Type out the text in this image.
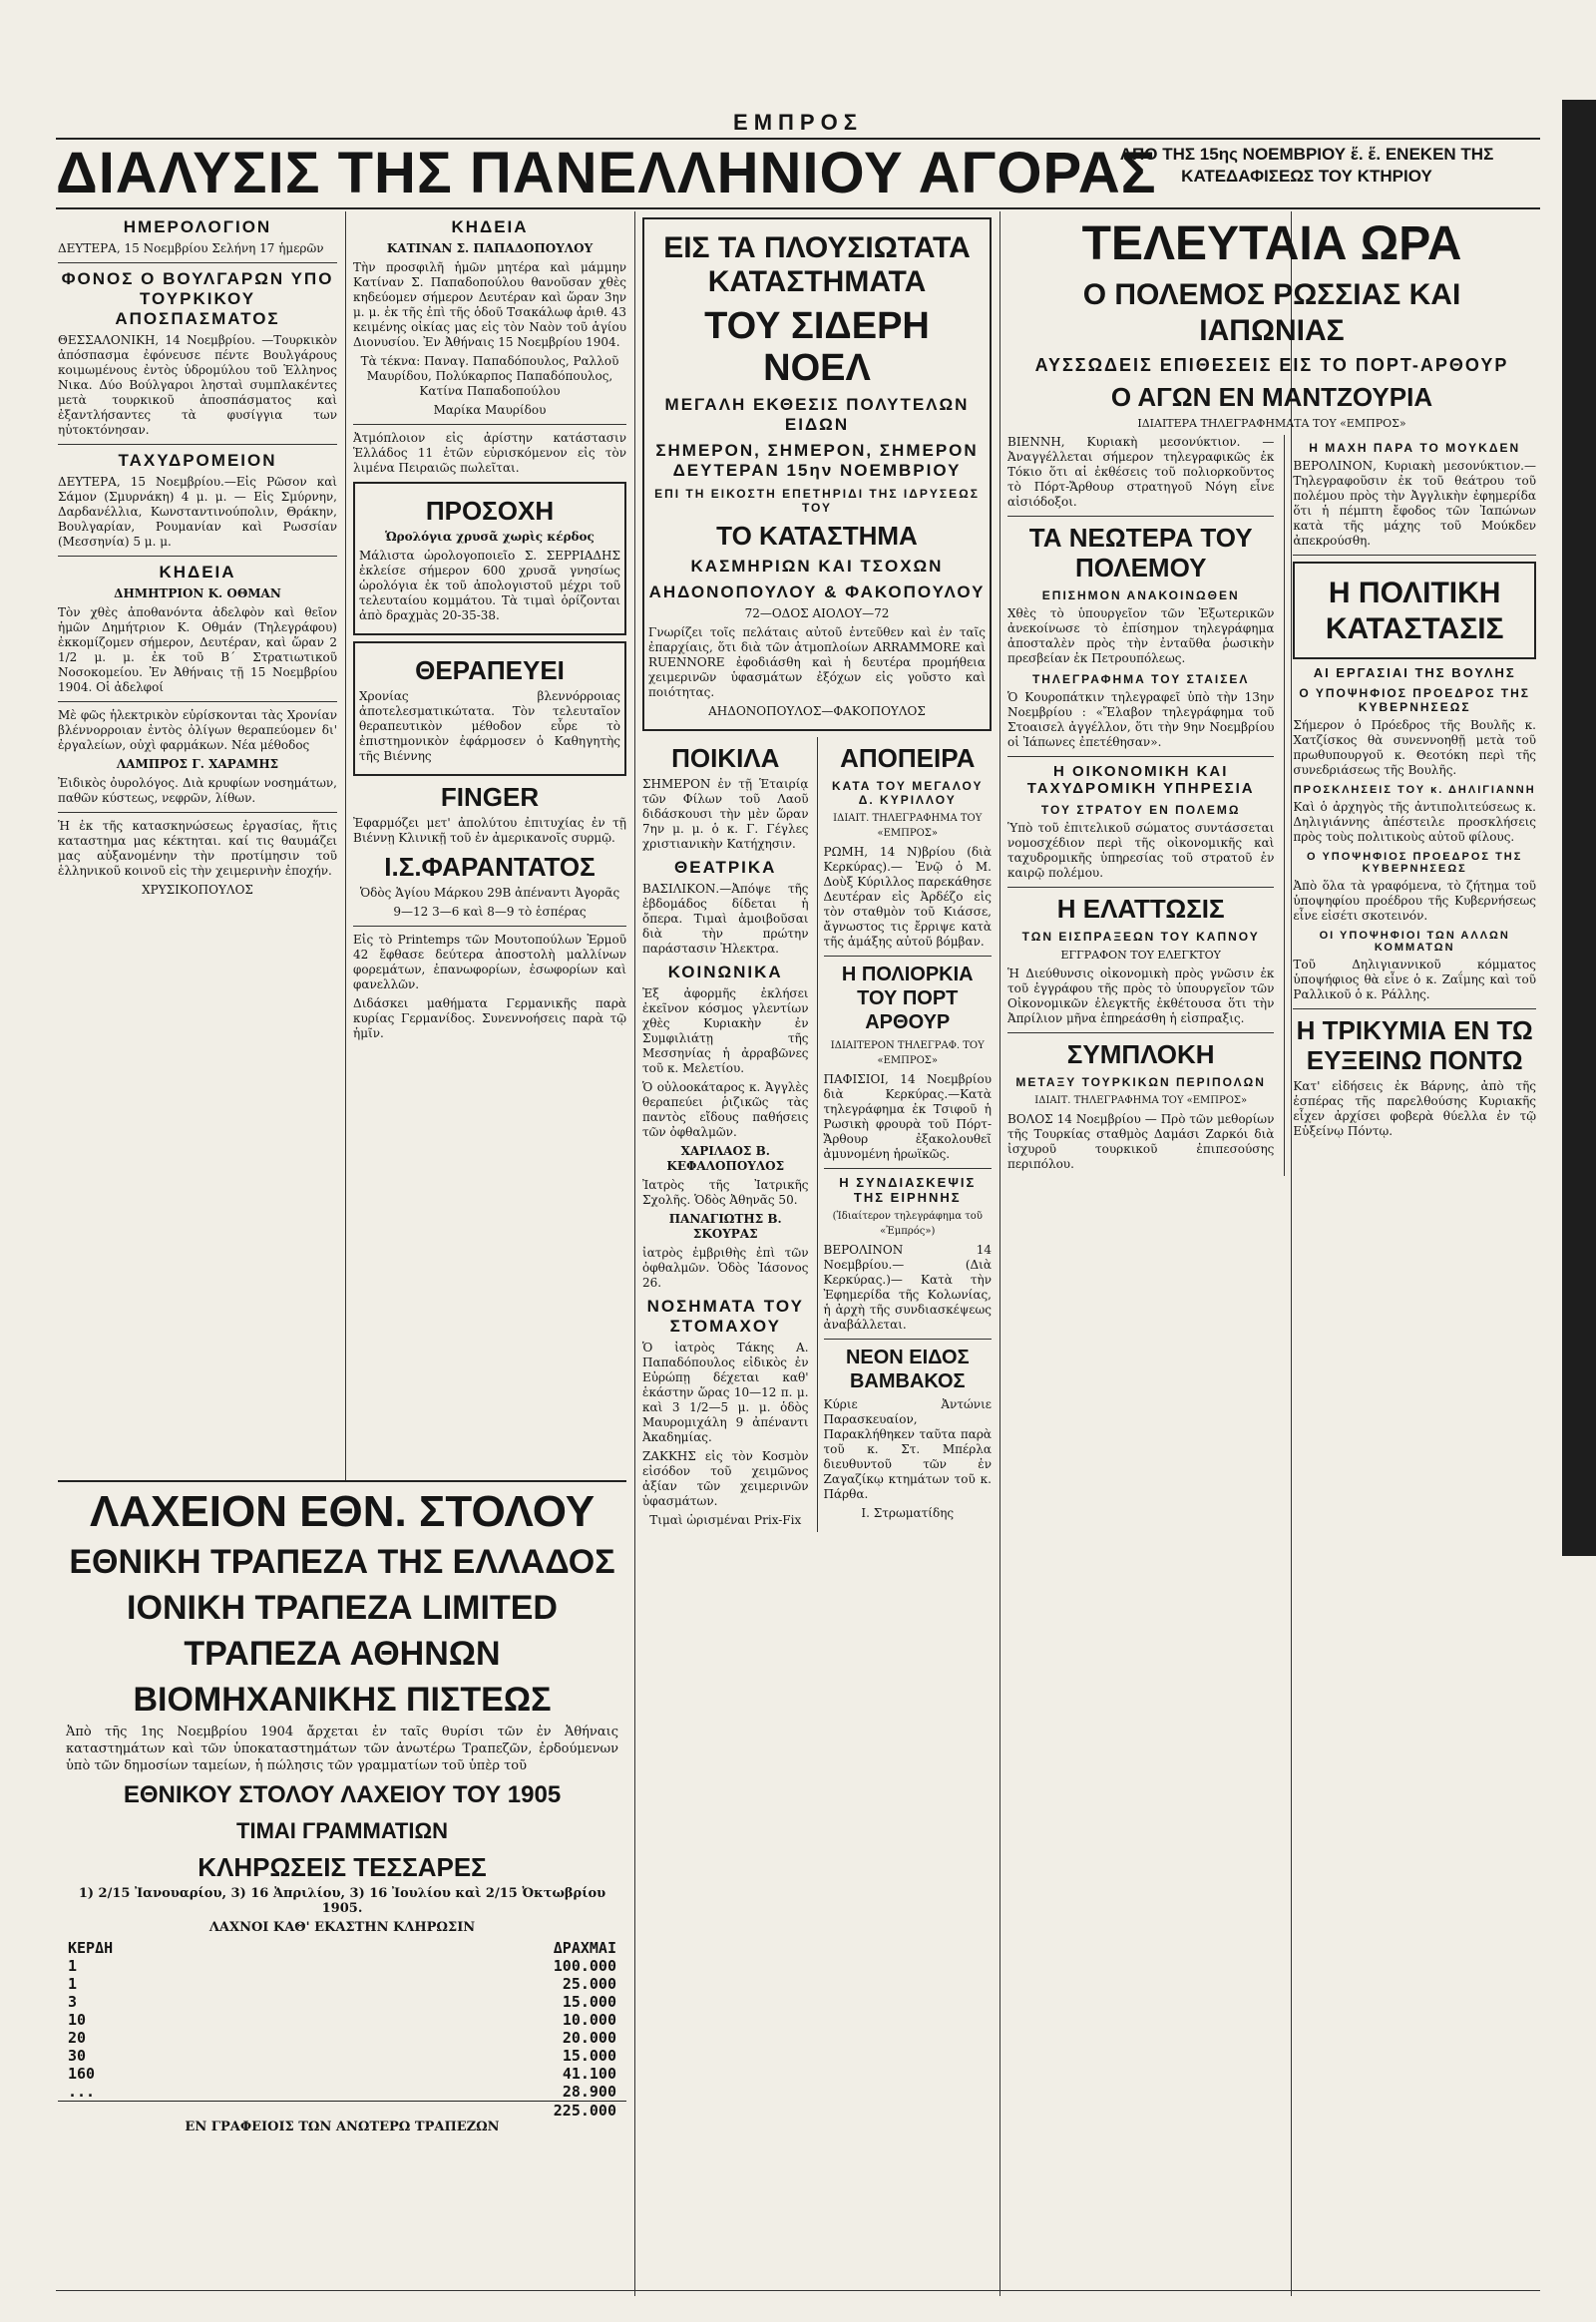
ΕΜΠΡΟΣ
ΔΙΑΛΥΣΙΣ ΤΗΣ ΠΑΝΕΛΛΗΝΙΟΥ ΑΓΟΡΑΣ
ΑΠΟ ΤΗΣ 15ης ΝΟΕΜΒΡΙΟΥ ἕ. ἕ. ΕΝΕΚΕΝ ΤΗΣ ΚΑΤΕΔΑΦΙΣΕΩΣ ΤΟΥ ΚΤΗΡΙΟΥ
ΗΜΕΡΟΛΟΓΙΟΝ

ΔΕΥΤΕΡΑ, 15 Νοεμβρίου Σελήνη 17 ἡμερῶν

ΦΟΝΟΣ Ο ΒΟΥΛΓΑΡΩΝ ΥΠΟ ΤΟΥΡΚΙΚΟΥ ΑΠΟΣΠΑΣΜΑΤΟΣ

ΘΕΣΣΑΛΟΝΙΚΗ, 14 Νοεμβρίου. —Τουρκικὸν ἀπόσπασμα ἐφόνευσε πέντε Βουλγάρους κοιμωμένους ἐντὸς ὑδρομύλου τοῦ Ἑλληνος Νικα. Δύο Βούλγαροι λησταὶ συμπλακέντες μετὰ τουρκικοῦ ἀποσπάσματος καὶ ἐξαντλήσαντες τὰ φυσίγγια των ηὐτοκτόνησαν.

ΤΑΧΥΔΡΟΜΕΙΟΝ

ΔΕΥΤΕΡΑ, 15 Νοεμβρίου.—Εἰς Ρῶσον καὶ Σάμον (Σμυρνάκη) 4 μ. μ. — Εἰς Σμύρνην, Δαρδανέλλια, Κωνσταντινούπολιν, Θράκην, Βουλγαρίαν, Ρουμανίαν καὶ Ρωσσίαν (Μεσσηνία) 5 μ. μ.

ΚΗΔΕΙΑ

ΔΗΜΗΤΡΙΟΝ Κ. ΟΘΜΑΝ

Τὸν χθὲς ἀποθανόντα ἀδελφὸν καὶ θεῖον ἡμῶν Δημήτριον Κ. Οθμάν (Τηλεγράφου) ἐκκομίζομεν σήμερον, Δευτέραν, καὶ ὥραν 2 1/2 μ. μ. ἐκ τοῦ Β΄ Στρατιωτικοῦ Νοσοκομείου. Ἐν Ἀθήναις τῇ 15 Νοεμβρίου 1904. Οἱ ἀδελφοί

Μὲ φῶς ἡλεκτρικὸν εὑρίσκονται τὰς Χρονίαν βλέννορροιαν ἐντὸς ὀλίγων θεραπεύομεν δι' ἐργαλείων, οὐχὶ φαρμάκων. Νέα μέθοδος

ΛΑΜΠΡΟΣ Γ. ΧΑΡΑΜΗΣ

Ἐιδικὸς ὀυρολόγος. Διὰ κρυφίων νοσημάτων, παθῶν κύστεως, νεφρῶν, λίθων.

Ἡ ἐκ τῆς κατασκηνώσεως ἐργασίας, ἥτις καταστημα μας κέκτηται. καί τις θαυμάζει μας αὐξανομένην τὴν προτίμησιν τοῦ ἑλληνικοῦ κοινοῦ εἰς τὴν χειμερινὴν ἐποχήν.

ΧΡΥΣΙΚΟΠΟΥΛΟΣ

ΚΗΔΕΙΑ

ΚΑΤΙΝΑΝ Σ. ΠΑΠΑΔΟΠΟΥΛΟΥ

Τὴν προσφιλῆ ἡμῶν μητέρα καὶ μάμμην Κατίναν Σ. Παπαδοπούλου θανοῦσαν χθὲς κηδεύομεν σήμερον Δευτέραν καὶ ὥραν 3ην μ. μ. ἐκ τῆς ἐπὶ τῆς ὁδοῦ Τσακάλωφ ἀριθ. 43 κειμένης οἰκίας μας εἰς τὸν Ναὸν τοῦ ἁγίου Διονυσίου. Ἐν Ἀθήναις 15 Νοεμβρίου 1904.

Τὰ τέκνα: Παναγ. Παπαδόπουλος, Ραλλοῦ Μαυρίδου, Πολύκαρπος Παπαδόπουλος, Κατίνα Παπαδοπούλου

Μαρίκα Μαυρίδου

Ἀτμόπλοιον εἰς ἀρίστην κατάστασιν Ἑλλάδος 11 ἐτῶν εὑρισκόμενον εἰς τὸν λιμένα Πειραιῶς πωλεῖται.

ΠΡΟΣΟΧΗ

Ὡρολόγια χρυσᾶ χωρὶς κέρδος

Μάλιστα ὡρολογοποιεῖο Σ. ΣΕΡΡΙΑΔΗΣ ἐκλείσε σήμερον 600 χρυσᾶ γνησίως ὡρολόγια ἐκ τοῦ ἀπολογιστοῦ μέχρι τοῦ τελευταίου κομμάτου. Τὰ τιμαὶ ὁρίζονται ἀπὸ δραχμὰς 20-35-38.

ΘΕΡΑΠΕΥΕΙ

Χρονίας βλεννόρροιας ἀποτελεσματικώτατα. Τὸν τελευταῖον θεραπευτικὸν μέθοδον εὗρε τὸ ἐπιστημονικὸν ἐφάρμοσεν ὁ Καθηγητὴς τῆς Βιέννης

FINGER

Ἐφαρμόζει μετ' ἀπολύτου ἐπιτυχίας ἐν τῇ Βιέννῃ Κλινικῇ τοῦ ἐν ἀμερικανοῖς συρμῷ.

Ι.Σ.ΦΑΡΑΝΤΑΤΟΣ

Ὁδὸς Ἁγίου Μάρκου 29Β ἀπέναντι Ἀγορᾶς

9—12 3—6 καὶ 8—9 τὸ ἑσπέρας

Εἰς τὸ Printemps τῶν Μουτοπούλων Ἑρμοῦ 42 ἔφθασε δεύτερα ἀποστολὴ μαλλίνων φορεμάτων, ἐπανωφορίων, ἐσωφορίων καὶ φανελλῶν.

Διδάσκει μαθήματα Γερμανικῆς παρὰ κυρίας Γερμανίδος. Συνεννοήσεις παρὰ τῷ ἡμῖν.

ΛΑΧΕΙΟΝ ΕΘΝ. ΣΤΟΛΟΥ
ΕΘΝΙΚΗ ΤΡΑΠΕΖΑ ΤΗΣ ΕΛΛΑΔΟΣ
ΙΟΝΙΚΗ ΤΡΑΠΕΖΑ LIMITED
ΤΡΑΠΕΖΑ ΑΘΗΝΩΝ
ΒΙΟΜΗΧΑΝΙΚΗΣ ΠΙΣΤΕΩΣ

Ἀπὸ τῆς 1ης Νοεμβρίου 1904 ἄρχεται ἐν ταῖς θυρίσι τῶν ἐν Ἀθήναις καταστημάτων καὶ τῶν ὑποκαταστημάτων τῶν ἀνωτέρω Τραπεζῶν, ἐρδούμενων ὑπὸ τῶν δημοσίων ταμείων, ἡ πώλησις τῶν γραμματίων τοῦ ὑπὲρ τοῦ

ΕΘΝΙΚΟΥ ΣΤΟΛΟΥ ΛΑΧΕΙΟΥ ΤΟΥ 1905
ΤΙΜΑΙ ΓΡΑΜΜΑΤΙΩΝ
ΚΛΗΡΩΣΕΙΣ ΤΕΣΣΑΡΕΣ

1) 2/15 Ἰανουαρίου, 3) 16 Ἀπριλίου, 3) 16 Ἰουλίου καὶ 2/15 Ὀκτωβρίου 1905.

ΛΑΧΝΟΙ ΚΑΘ' ΕΚΑΣΤΗΝ ΚΛΗΡΩΣΙΝ

ΚΕΡΔΗ	ΔΡΑΧΜΑΙ
1	100.000
1	25.000
3	15.000
10	10.000
20	20.000
30	15.000
160	41.100
...	28.900
225.000

ΕΝ ΓΡΑΦΕΙΟΙΣ ΤΩΝ ΑΝΩΤΕΡΩ ΤΡΑΠΕΖΩΝ

ΕΙΣ ΤΑ ΠΛΟΥΣΙΩΤΑΤΑ ΚΑΤΑΣΤΗΜΑΤΑ
ΤΟΥ ΣΙΔΕΡΗ ΝΟΕΛ
ΜΕΓΑΛΗ ΕΚΘΕΣΙΣ ΠΟΛΥΤΕΛΩΝ ΕΙΔΩΝ
ΣΗΜΕΡΟΝ, ΣΗΜΕΡΟΝ, ΣΗΜΕΡΟΝ ΔΕΥΤΕΡΑΝ 15ην ΝΟΕΜΒΡΙΟΥ
ΕΠΙ ΤΗ ΕΙΚΟΣΤΗ ΕΠΕΤΗΡΙΔΙ ΤΗΣ ΙΔΡΥΣΕΩΣ ΤΟΥ
ΤΟ ΚΑΤΑΣΤΗΜΑ
ΚΑΣΜΗΡΙΩΝ ΚΑΙ ΤΣΟΧΩΝ
ΑΗΔΟΝΟΠΟΥΛΟΥ & ΦΑΚΟΠΟΥΛΟΥ

72—ΟΔΟΣ ΑΙΟΛΟΥ—72

Γνωρίζει τοῖς πελάταις αὐτοῦ ἐντεῦθεν καὶ ἐν ταῖς ἐπαρχίαις, ὅτι διὰ τῶν ἀτμοπλοίων ARRAMMORE καὶ RUENNORE ἐφοδιάσθη καὶ ἡ δευτέρα προμήθεια χειμερινῶν ὑφασμάτων ἐξόχων εἰς γοῦστο καὶ ποιότητας.

ΑΗΔΟΝΟΠΟΥΛΟΣ—ΦΑΚΟΠΟΥΛΟΣ

ΠΟΙΚΙΛΑ

ΣΗΜΕΡΟΝ ἐν τῇ Ἑταιρίᾳ τῶν Φίλων τοῦ Λαοῦ διδάσκουσι τὴν μὲν ὥραν 7ην μ. μ. ὁ κ. Γ. Γέγλες χριστιανικὴν Κατήχησιν.

ΘΕΑΤΡΙΚΑ

ΒΑΣΙΛΙΚΟΝ.—Ἀπόψε τῆς ἐβδομάδος δίδεται ἡ ὄπερα. Τιμαὶ ἀμοιβοῦσαι διὰ τὴν πρώτην παράστασιν Ἠλεκτρα.

ΚΟΙΝΩΝΙΚΑ

Ἐξ ἀφορμῆς ἐκλήσει ἐκεῖνον κόσμος γλεντίων χθὲς Κυριακὴν ἐν Συμφιλιάτῃ τῆς Μεσσηνίας ἡ ἀρραβῶνες τοῦ κ. Μελετίου.

Ὁ οὐλοοκάταρος κ. Ἀγγλὲς θεραπεύει ῥιζικῶς τὰς παντὸς εἴδους παθήσεις τῶν ὀφθαλμῶν.

ΧΑΡΙΛΑΟΣ Β. ΚΕΦΑΛΟΠΟΥΛΟΣ

Ἰατρὸς τῆς Ἰατρικῆς Σχολῆς. Ὁδὸς Ἀθηνᾶς 50.

ΠΑΝΑΓΙΩΤΗΣ Β. ΣΚΟΥΡΑΣ

ἰατρὸς ἐμβριθὴς ἐπὶ τῶν ὀφθαλμῶν. Ὁδὸς Ἰάσονος 26.

ΝΟΣΗΜΑΤΑ ΤΟΥ ΣΤΟΜΑΧΟΥ

Ὁ ἰατρὸς Τάκης Α. Παπαδόπουλος εἰδικὸς ἐν Εὐρώπῃ δέχεται καθ' ἑκάστην ὥρας 10—12 π. μ. καὶ 3 1/2—5 μ. μ. ὁδὸς Μαυρομιχάλη 9 ἀπέναντι Ἀκαδημίας.

ΖΑΚΚΗΣ εἰς τὸν Κοσμὸν εἰσόδον τοῦ χειμῶνος ἀξίαν τῶν χειμερινῶν ὑφασμάτων.

Τιμαὶ ὡρισμέναι Prix-Fix

ΑΠΟΠΕΙΡΑ
ΚΑΤΑ ΤΟΥ ΜΕΓΑΛΟΥ Δ. ΚΥΡΙΛΛΟΥ

ΙΔΙΑΙΤ. ΤΗΛΕΓΡΑΦΗΜΑ ΤΟΥ «ΕΜΠΡΟΣ»

ΡΩΜΗ, 14 Ν)βρίου (διὰ Κερκύρας).— Ἐνῷ ὁ Μ. Δοὺξ Κύριλλος παρεκάθησε Δευτέραν εἰς Ἀρδέζο εἰς τὸν σταθμὸν τοῦ Κιάσσε, ἄγνωστος τις ἔρριψε κατὰ τῆς ἁμάξης αὐτοῦ βόμβαν.

Η ΠΟΛΙΟΡΚΙΑ ΤΟΥ ΠΟΡΤ ΑΡΘΟΥΡ

ΙΔΙΑΙΤΕΡΟΝ ΤΗΛΕΓΡΑΦ. ΤΟΥ «ΕΜΠΡΟΣ»

ΠΑΦΙΣΙΟΙ, 14 Νοεμβρίου διὰ Κερκύρας.—Κατὰ τηλεγράφημα ἐκ Τσιφοῦ ἡ Ρωσικὴ φρουρὰ τοῦ Πόρτ-Ἄρθουρ ἐξακολουθεῖ ἀμυνομένη ἡρωϊκῶς.

Η ΣΥΝΔΙΑΣΚΕΨΙΣ ΤΗΣ ΕΙΡΗΝΗΣ

(Ἰδιαίτερον τηλεγράφημα τοῦ «Ἐμπρός»)

ΒΕΡΟΛΙΝΟΝ 14 Νοεμβρίου.— (Διὰ Κερκύρας.)— Κατὰ τὴν Ἐφημερίδα τῆς Κολωνίας, ἡ ἀρχὴ τῆς συνδιασκέψεως ἀναβάλλεται.

ΝΕΟΝ ΕΙΔΟΣ ΒΑΜΒΑΚΟΣ

Κύριε Ἀντώνιε Παρασκευαίον, Παρακλήθηκεν ταῦτα παρὰ τοῦ κ. Στ. Μπέρλα διευθυντοῦ τῶν ἐν Ζαγαζίκῳ κτημάτων τοῦ κ. Πάρθα.

Ι. Στρωματίδης

ΤΕΛΕΥΤΑΙΑ ΩΡΑ
Ο ΠΟΛΕΜΟΣ ΡΩΣΣΙΑΣ ΚΑΙ ΙΑΠΩΝΙΑΣ
ΑΥΣΣΩΔΕΙΣ ΕΠΙΘΕΣΕΙΣ ΕΙΣ ΤΟ ΠΟΡΤ-ΑΡΘΟΥΡ
Ο ΑΓΩΝ ΕΝ ΜΑΝΤΖΟΥΡΙΑ

ΙΔΙΑΙΤΕΡΑ ΤΗΛΕΓΡΑΦΗΜΑΤΑ ΤΟΥ «ΕΜΠΡΟΣ»

ΒΙΕΝΝΗ, Κυριακὴ μεσονύκτιον. — Ἀναγγέλλεται σήμερον τηλεγραφικῶς ἐκ Τόκιο ὅτι αἱ ἐκθέσεις τοῦ πολιορκοῦντος τὸ Πόρτ-Ἄρθουρ στρατηγοῦ Νόγη εἶνε αἰσιόδοξοι.

ΤΑ ΝΕΩΤΕΡΑ ΤΟΥ ΠΟΛΕΜΟΥ
ΕΠΙΣΗΜΟΝ ΑΝΑΚΟΙΝΩΘΕΝ

Χθὲς τὸ ὑπουργεῖον τῶν Ἐξωτερικῶν ἀνεκοίνωσε τὸ ἐπίσημον τηλεγράφημα ἀποσταλὲν πρὸς τὴν ἐνταῦθα ῥωσικὴν πρεσβείαν ἐκ Πετρουπόλεως.

ΤΗΛΕΓΡΑΦΗΜΑ ΤΟΥ ΣΤΑΙΣΕΛ

Ὁ Κουροπάτκιν τηλεγραφεῖ ὑπὸ τὴν 13ην Νοεμβρίου : «Ἔλαβον τηλεγράφημα τοῦ Στοαισελ ἀγγέλλον, ὅτι τὴν 9ην Νοεμβρίου οἱ Ἰάπωνες ἐπετέθησαν».

Η ΟΙΚΟΝΟΜΙΚΗ ΚΑΙ ΤΑΧΥΔΡΟΜΙΚΗ ΥΠΗΡΕΣΙΑ
ΤΟΥ ΣΤΡΑΤΟΥ ΕΝ ΠΟΛΕΜΩ

Ὑπὸ τοῦ ἐπιτελικοῦ σώματος συντάσσεται νομοσχέδιον περὶ τῆς οἰκονομικῆς καὶ ταχυδρομικῆς ὑπηρεσίας τοῦ στρατοῦ ἐν καιρῷ πολέμου.

Η ΕΛΑΤΤΩΣΙΣ
ΤΩΝ ΕΙΣΠΡΑΞΕΩΝ ΤΟΥ ΚΑΠΝΟΥ

ΕΓΓΡΑΦΟΝ ΤΟΥ ΕΛΕΓΚΤΟΥ

Ἡ Διεύθυνσις οἰκονομικὴ πρὸς γνῶσιν ἐκ τοῦ ἐγγράφου τῆς πρὸς τὸ ὑπουργεῖον τῶν Οἰκονομικῶν ἐλεγκτῆς ἐκθέτουσα ὅτι τὴν Ἀπρίλιον μῆνα ἐπηρεάσθη ἡ εἰσπραξις.

ΣΥΜΠΛΟΚΗ
ΜΕΤΑΞΥ ΤΟΥΡΚΙΚΩΝ ΠΕΡΙΠΟΛΩΝ

ΙΔΙΑΙΤ. ΤΗΛΕΓΡΑΦΗΜΑ ΤΟΥ «ΕΜΠΡΟΣ»

ΒΟΛΟΣ 14 Νοεμβρίου — Πρὸ τῶν μεθορίων τῆς Τουρκίας σταθμὸς Δαμάσι Ζαρκόι διὰ ἰσχυροῦ τουρκικοῦ ἐπιπεσούσης περιπόλου.

Η ΜΑΧΗ ΠΑΡΑ ΤΟ ΜΟΥΚΔΕΝ

ΒΕΡΟΛΙΝΟΝ, Κυριακὴ μεσονύκτιον.—Τηλεγραφοῦσιν ἐκ τοῦ θεάτρου τοῦ πολέμου πρὸς τὴν Ἀγγλικὴν ἐφημερίδα ὅτι ἡ πέμπτη ἔφοδος τῶν Ἰαπώνων κατὰ τῆς μάχης τοῦ Μούκδεν ἀπεκρούσθη.

Η ΠΟΛΙΤΙΚΗ ΚΑΤΑΣΤΑΣΙΣ
ΑΙ ΕΡΓΑΣΙΑΙ ΤΗΣ ΒΟΥΛΗΣ
Ο ΥΠΟΨΗΦΙΟΣ ΠΡΟΕΔΡΟΣ ΤΗΣ ΚΥΒΕΡΝΗΣΕΩΣ

Σήμερον ὁ Πρόεδρος τῆς Βουλῆς κ. Χατζίσκος θὰ συνεννοηθῇ μετὰ τοῦ πρωθυπουργοῦ κ. Θεοτόκη περὶ τῆς συνεδριάσεως τῆς Βουλῆς.

ΠΡΟΣΚΛΗΣΕΙΣ ΤΟΥ κ. ΔΗΛΙΓΙΑΝΝΗ

Καὶ ὁ ἀρχηγὸς τῆς ἀντιπολιτεύσεως κ. Δηλιγιάννης ἀπέστειλε προσκλήσεις πρὸς τοὺς πολιτικοὺς αὐτοῦ φίλους.

Ο ΥΠΟΨΗΦΙΟΣ ΠΡΟΕΔΡΟΣ ΤΗΣ ΚΥΒΕΡΝΗΣΕΩΣ

Ἀπὸ ὅλα τὰ γραφόμενα, τὸ ζήτημα τοῦ ὑποψηφίου προέδρου τῆς Κυβερνήσεως εἶνε εἰσέτι σκοτεινόν.

ΟΙ ΥΠΟΨΗΦΙΟΙ ΤΩΝ ΑΛΛΩΝ ΚΟΜΜΑΤΩΝ

Τοῦ Δηλιγιαννικοῦ κόμματος ὑποψήφιος θὰ εἶνε ὁ κ. Ζαΐμης καὶ τοῦ Ραλλικοῦ ὁ κ. Ράλλης.

Η ΤΡΙΚΥΜΙΑ ΕΝ ΤΩ ΕΥΞΕΙΝΩ ΠΟΝΤΩ

Κατ' εἰδήσεις ἐκ Βάρνης, ἀπὸ τῆς ἑσπέρας τῆς παρελθούσης Κυριακῆς εἶχεν ἀρχίσει φοβερὰ θύελλα ἐν τῷ Εὐξείνῳ Πόντῳ.
